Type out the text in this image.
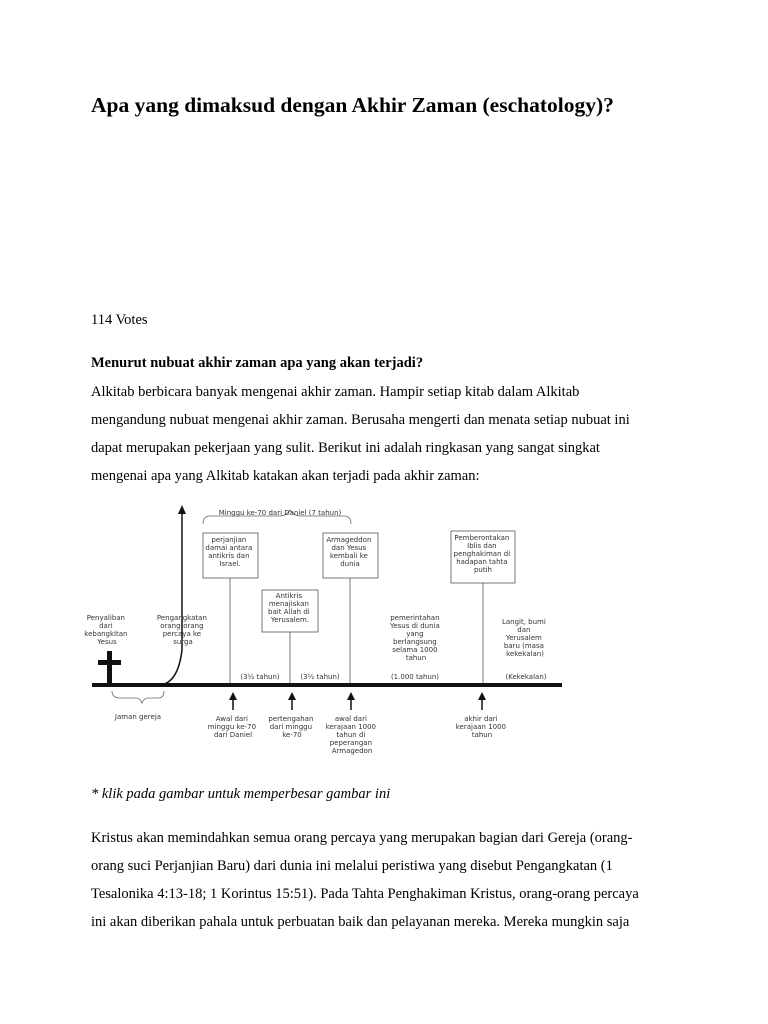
Apa yang dimaksud dengan Akhir Zaman (eschatology)?
114 Votes
Menurut nubuat akhir zaman apa yang akan terjadi?
Alkitab berbicara banyak mengenai akhir zaman. Hampir setiap kitab dalam Alkitab
mengandung nubuat mengenai akhir zaman. Berusaha mengerti dan menata setiap nubuat ini
dapat merupakan pekerjaan yang sulit. Berikut ini adalah ringkasan yang sangat singkat
mengenai apa yang Alkitab katakan akan terjadi pada akhir zaman:
Minggu ke-70 dari Daniel (7 tahun)
perjanjian damai antara antikris dan Israel.
Armageddon dan Yesus kembali ke dunia
Antikris menajiskan bait Allah di Yerusalem.
Pemberontakan Iblis dan penghakiman di hadapan tahta putih
Penyaliban dari kebangkitan Yesus
Pengangkatan orang-orang percaya ke surga
pemerintahan Yesus di dunia yang berlangsung selama 1000 tahun
Langit, bumi dan Yerusalem baru (masa kekekalan)
(3½ tahun)	(3½ tahun)	(1.000 tahun)	(Kekekalan)
Jaman gereja	Awal dari minggu ke-70 dari Daniel
pertengahan dari minggu ke-70
awal dari kerajaan 1000 tahun di peperangan Armagedon
akhir dari kerajaan 1000 tahun
* klik pada gambar untuk memperbesar gambar ini
Kristus akan memindahkan semua orang percaya yang merupakan bagian dari Gereja (orang-
orang suci Perjanjian Baru) dari dunia ini melalui peristiwa yang disebut Pengangkatan (1
Tesalonika 4:13-18; 1 Korintus 15:51). Pada Tahta Penghakiman Kristus, orang-orang percaya
ini akan diberikan pahala untuk perbuatan baik dan pelayanan mereka. Mereka mungkin saja
